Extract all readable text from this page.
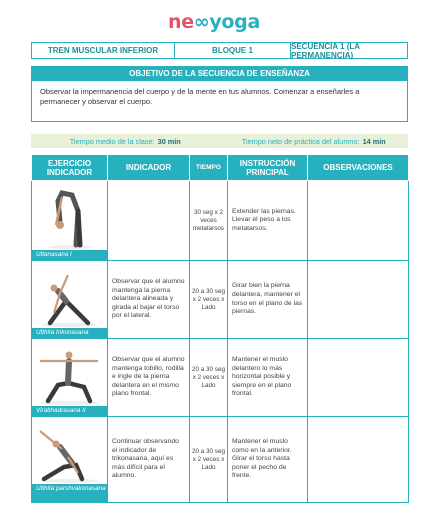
ne∞yoga
TREN MUSCULAR INFERIOR	BLOQUE 1	SECUENCIA 1 (LA PERMANENCIA)
OBJETIVO DE LA SECUENCIA DE ENSEÑANZA
Observar la impermanencia del cuerpo y de la mente en tus alumnos. Comenzar a enseñarles a permanecer y observar el cuerpo.
Tiempo medio de la clase: 30 min	Tiempo neto de práctica del alumno: 14 min
EJERCICIO INDICADOR	INDICADOR	TIEMPO	INSTRUCCIÓN PRINCIPAL	OBSERVACIONES

Uttanasana I		30 seg x 2 veces metatarsos	Extender las piernas. Llevar el peso a los metatarsos.	

Utthita trikonasana	Observar que el alumno mantenga la pierna delantera alineada y girada al bajar el torso por el lateral.	20 a 30 seg x 2 veces x Lado	Girar bien la pierna delantera, mantener el torso en el plano de las piernas.	

Virabhadrasana II	Observar que el alumno mantenga tobillo, rodilla e ingle de la pierna delantera en el mismo plano frontal.	20 a 30 seg x 2 veces x Lado	Mantener el muslo delantero lo más horizontal posible y siempre en el plano frontal.	

Utthita parshvakonasana	Continuar observando el indicador de trikonasana, aquí es más difícil para el alumno.	20 a 30 seg x 2 veces x Lado	Mantener el muslo como en la anterior. Girar el torso hasta poner el pecho de frente.	
